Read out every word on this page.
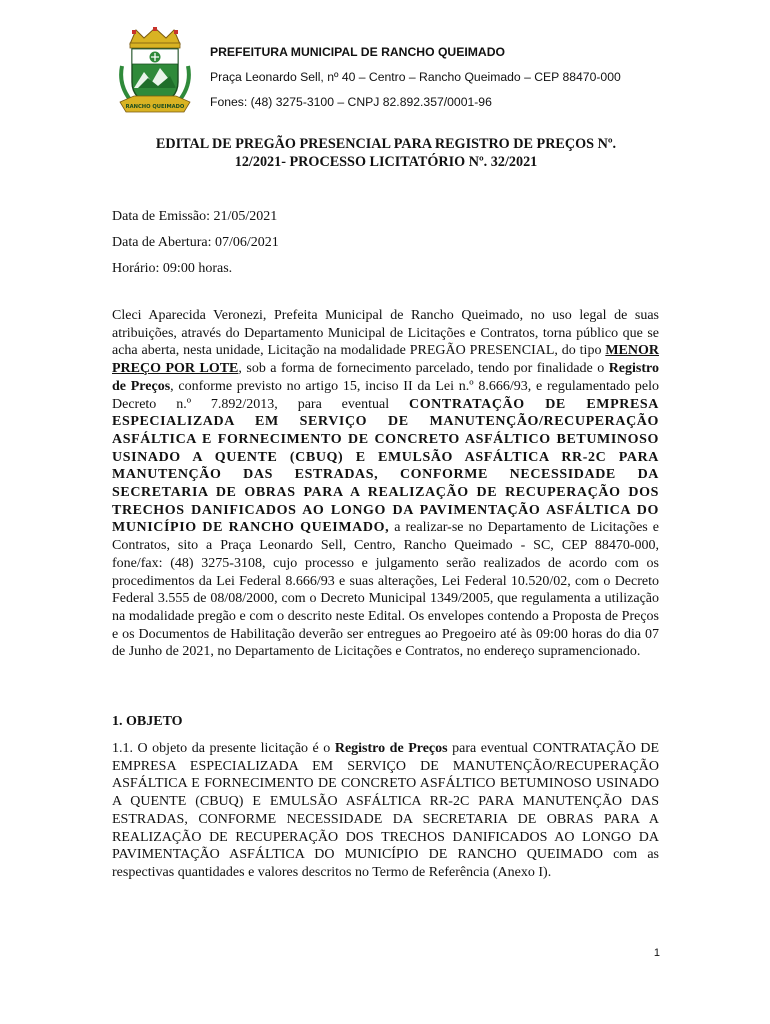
RANCHO QUEIMADO
PREFEITURA MUNICIPAL DE RANCHO QUEIMADO
Praça Leonardo Sell, nº 40 – Centro – Rancho Queimado – CEP 88470-000
Fones: (48) 3275-3100 – CNPJ 82.892.357/0001-96
EDITAL DE PREGÃO PRESENCIAL PARA REGISTRO DE PREÇOS Nº.
12/2021- PROCESSO LICITATÓRIO Nº. 32/2021
Data de Emissão: 21/05/2021
Data de Abertura: 07/06/2021
Horário: 09:00 horas.
Cleci Aparecida Veronezi, Prefeita Municipal de Rancho Queimado, no uso legal de suas atribuições, através do Departamento Municipal de Licitações e Contratos, torna público que se acha aberta, nesta unidade, Licitação na modalidade PREGÃO PRESENCIAL, do tipo MENOR PREÇO POR LOTE, sob a forma de fornecimento parcelado, tendo por finalidade o Registro de Preços, conforme previsto no artigo 15, inciso II da Lei n.º 8.666/93, e regulamentado pelo Decreto n.º 7.892/2013, para eventual CONTRATAÇÃO DE EMPRESA ESPECIALIZADA EM SERVIÇO DE MANUTENÇÃO/RECUPERAÇÃO ASFÁLTICA E FORNECIMENTO DE CONCRETO ASFÁLTICO BETUMINOSO USINADO A QUENTE (CBUQ) E EMULSÃO ASFÁLTICA RR-2C PARA MANUTENÇÃO DAS ESTRADAS, CONFORME NECESSIDADE DA SECRETARIA DE OBRAS PARA A REALIZAÇÃO DE RECUPERAÇÃO DOS TRECHOS DANIFICADOS AO LONGO DA PAVIMENTAÇÃO ASFÁLTICA DO MUNICÍPIO DE RANCHO QUEIMADO, a realizar-se no Departamento de Licitações e Contratos, sito a Praça Leonardo Sell, Centro, Rancho Queimado - SC, CEP 88470-000, fone/fax: (48) 3275-3108, cujo processo e julgamento serão realizados de acordo com os procedimentos da Lei Federal 8.666/93 e suas alterações, Lei Federal 10.520/02, com o Decreto Federal 3.555 de 08/08/2000, com o Decreto Municipal 1349/2005, que regulamenta a utilização na modalidade pregão e com o descrito neste Edital. Os envelopes contendo a Proposta de Preços e os Documentos de Habilitação deverão ser entregues ao Pregoeiro até às 09:00 horas do dia 07 de Junho de 2021, no Departamento de Licitações e Contratos, no endereço supramencionado.
1. OBJETO
1.1. O objeto da presente licitação é o Registro de Preços para eventual CONTRATAÇÃO DE EMPRESA ESPECIALIZADA EM SERVIÇO DE MANUTENÇÃO/RECUPERAÇÃO ASFÁLTICA E FORNECIMENTO DE CONCRETO ASFÁLTICO BETUMINOSO USINADO A QUENTE (CBUQ) E EMULSÃO ASFÁLTICA RR-2C PARA MANUTENÇÃO DAS ESTRADAS, CONFORME NECESSIDADE DA SECRETARIA DE OBRAS PARA A REALIZAÇÃO DE RECUPERAÇÃO DOS TRECHOS DANIFICADOS AO LONGO DA PAVIMENTAÇÃO ASFÁLTICA DO MUNICÍPIO DE RANCHO QUEIMADO com as respectivas quantidades e valores descritos no Termo de Referência (Anexo I).
1
